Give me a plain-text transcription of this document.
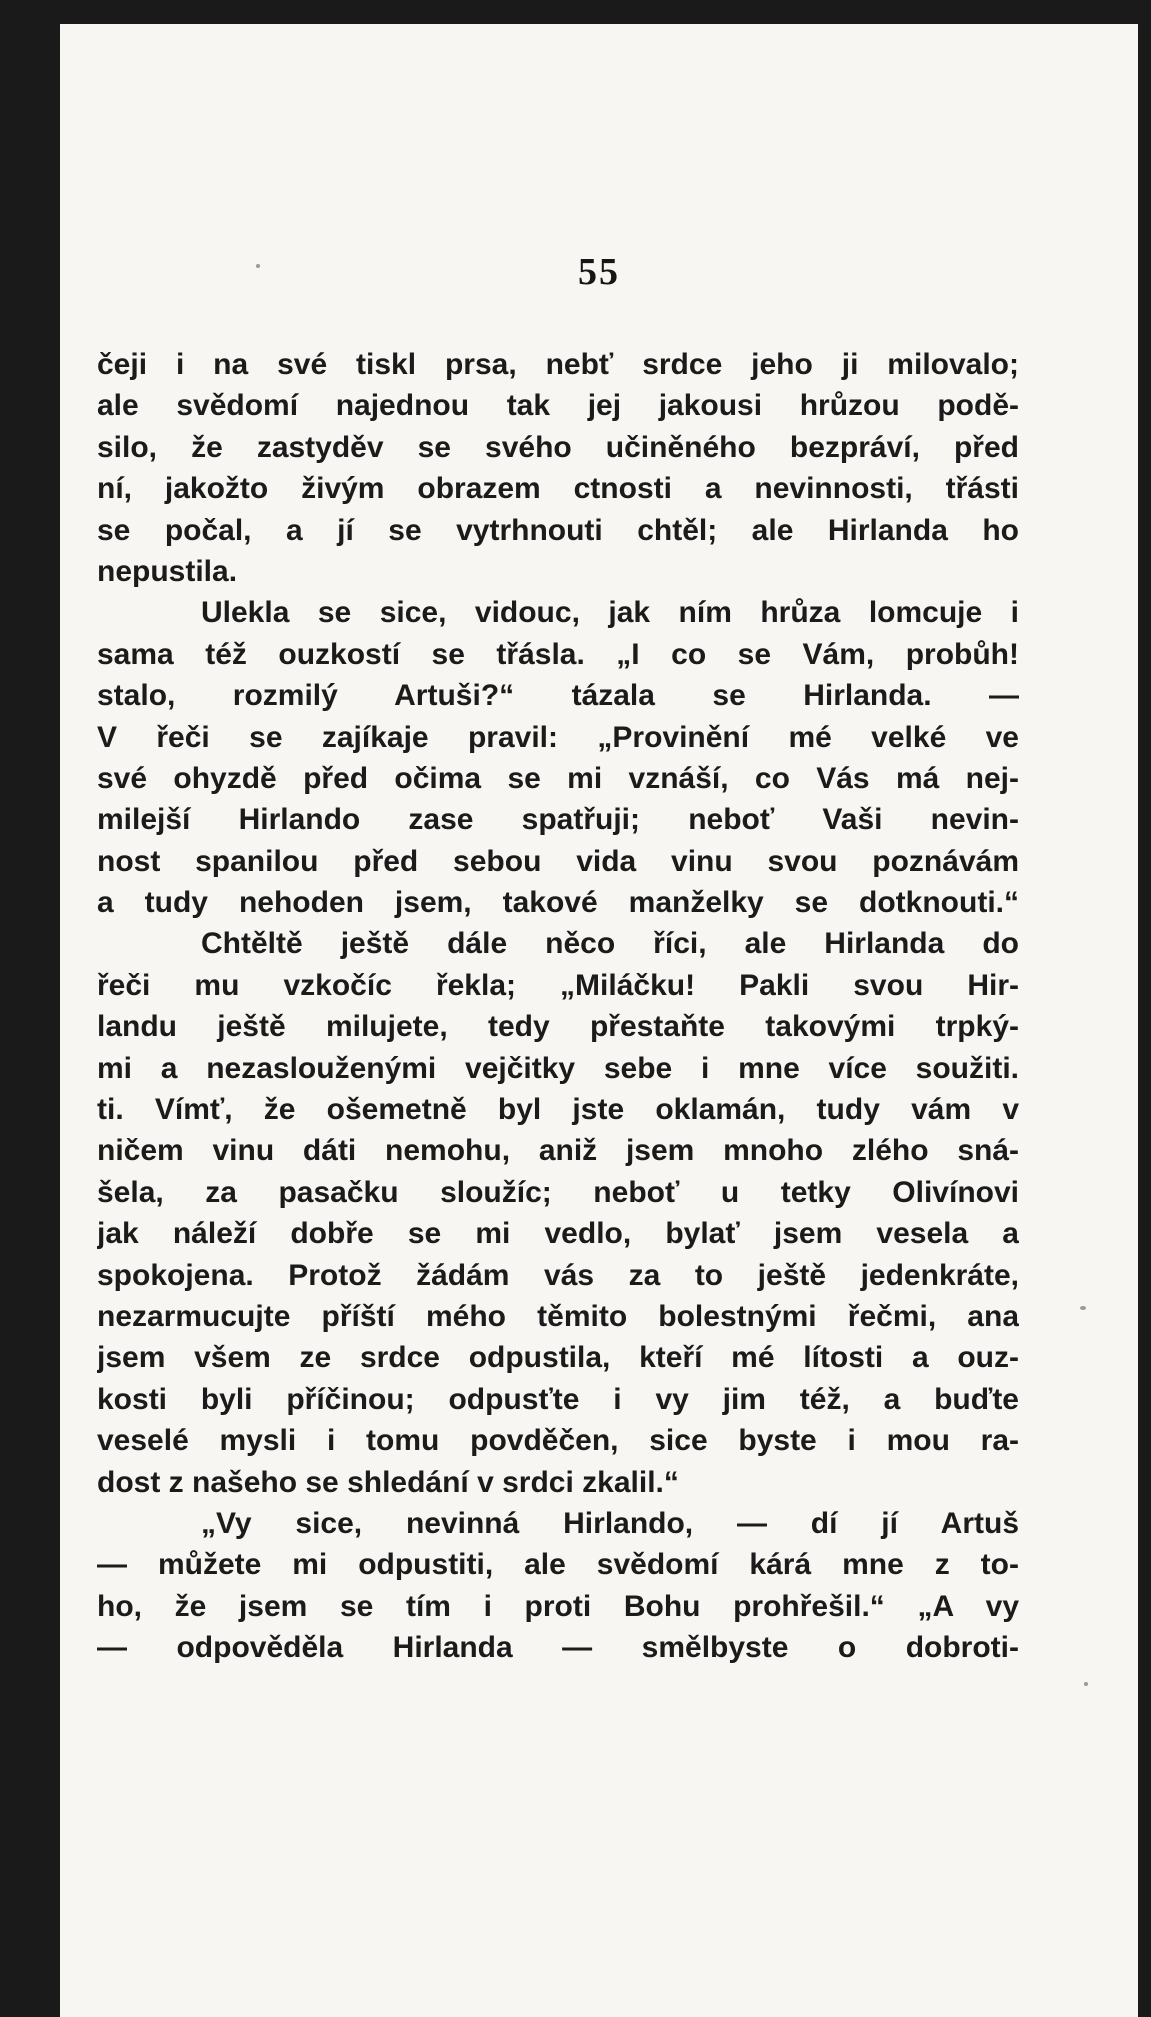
55
čeji i na své tiskl prsa, nebť srdce jeho ji milovalo;
ale svědomí najednou tak jej jakousi hrůzou podě-
silo, že zastyděv se svého učiněného bezpráví, před
ní, jakožto živým obrazem ctnosti a nevinnosti, třásti
se počal, a jí se vytrhnouti chtěl; ale Hirlanda ho
nepustila.
Ulekla se sice, vidouc, jak ním hrůza lomcuje i
sama též ouzkostí se třásla. „I co se Vám, probůh!
stalo, rozmilý Artuši?“ tázala se Hirlanda. —
V řeči se zajíkaje pravil: „Provinění mé velké ve
své ohyzdě před očima se mi vznáší, co Vás má nej-
milejší Hirlando zase spatřuji; neboť Vaši nevin-
nost spanilou před sebou vida vinu svou poznávám
a tudy nehoden jsem, takové manželky se dotknouti.“
Chtěltě ještě dále něco říci, ale Hirlanda do
řeči mu vzkočíc řekla; „Miláčku! Pakli svou Hir-
landu ještě milujete, tedy přestaňte takovými trpký-
mi a nezaslouženými vejčitky sebe i mne více soužiti.
ti. Vímť, že ošemetně byl jste oklamán, tudy vám v
ničem vinu dáti nemohu, aniž jsem mnoho zlého sná-
šela, za pasačku sloužíc; neboť u tetky Olivínovi
jak náleží dobře se mi vedlo, bylať jsem vesela a
spokojena. Protož žádám vás za to ještě jedenkráte,
nezarmucujte příští mého těmito bolestnými řečmi, ana
jsem všem ze srdce odpustila, kteří mé lítosti a ouz-
kosti byli příčinou; odpusťte i vy jim též, a buďte
veselé mysli i tomu povděčen, sice byste i mou ra-
dost z našeho se shledání v srdci zkalil.“
„Vy sice, nevinná Hirlando, — dí jí Artuš
— můžete mi odpustiti, ale svědomí kárá mne z to-
ho, že jsem se tím i proti Bohu prohřešil.“ „A vy
— odpověděla Hirlanda — smělbyste o dobroti-
